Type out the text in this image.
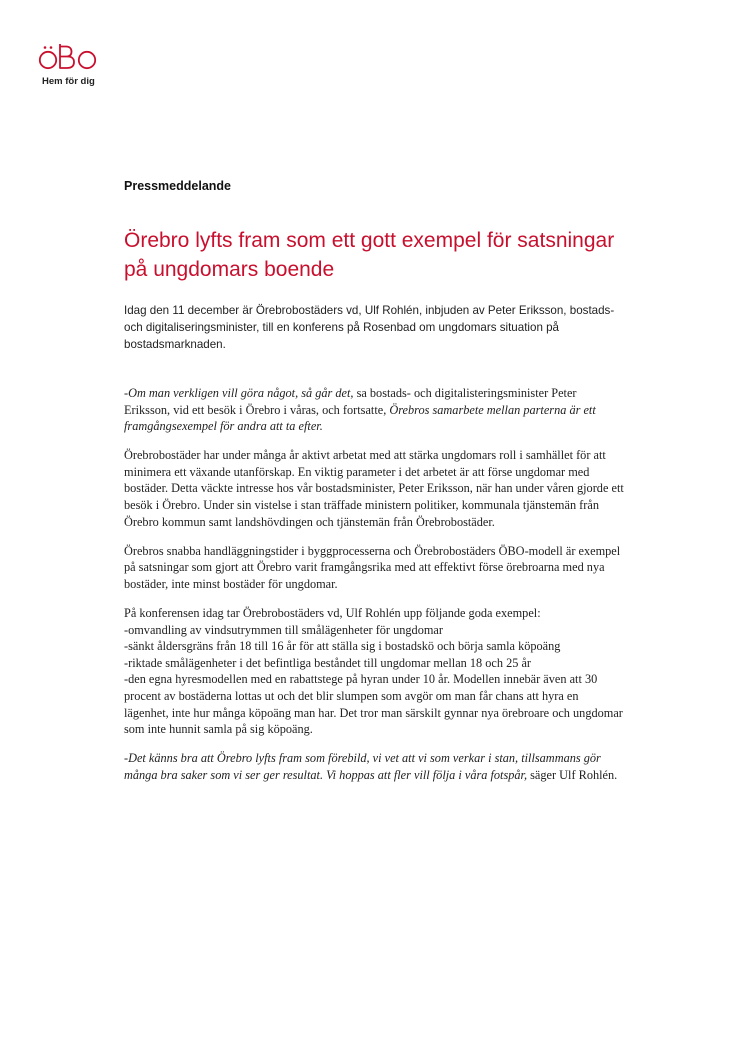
Hem för dig
Pressmeddelande
Örebro lyfts fram som ett gott exempel för satsningar på ungdomars boende

Idag den 11 december är Örebrobostäders vd, Ulf Rohlén, inbjuden av Peter Eriksson, bostads- och digitaliseringsminister, till en konferens på Rosenbad om ungdomars situation på bostadsmarknaden.

-Om man verkligen vill göra något, så går det, sa bostads- och digitalisteringsminister Peter Eriksson, vid ett besök i Örebro i våras, och fortsatte, Örebros samarbete mellan parterna är ett framgångsexempel för andra att ta efter.

Örebrobostäder har under många år aktivt arbetat med att stärka ungdomars roll i samhället för att minimera ett växande utanförskap. En viktig parameter i det arbetet är att förse ungdomar med bostäder. Detta väckte intresse hos vår bostadsminister, Peter Eriksson, när han under våren gjorde ett besök i Örebro. Under sin vistelse i stan träffade ministern politiker, kommunala tjänstemän från Örebro kommun samt landshövdingen och tjänstemän från Örebrobostäder.

Örebros snabba handläggningstider i byggprocesserna och Örebrobostäders ÖBO-modell är exempel på satsningar som gjort att Örebro varit framgångsrika med att effektivt förse örebroarna med nya bostäder, inte minst bostäder för ungdomar.

På konferensen idag tar Örebrobostäders vd, Ulf Rohlén upp följande goda exempel:
-omvandling av vindsutrymmen till smålägenheter för ungdomar
-sänkt åldersgräns från 18 till 16 år för att ställa sig i bostadskö och börja samla köpoäng
-riktade smålägenheter i det befintliga beståndet till ungdomar mellan 18 och 25 år
-den egna hyresmodellen med en rabattstege på hyran under 10 år. Modellen innebär även att 30 procent av bostäderna lottas ut och det blir slumpen som avgör om man får chans att hyra en lägenhet, inte hur många köpoäng man har. Det tror man särskilt gynnar nya örebroare och ungdomar som inte hunnit samla på sig köpoäng.

-Det känns bra att Örebro lyfts fram som förebild, vi vet att vi som verkar i stan, tillsammans gör många bra saker som vi ser ger resultat. Vi hoppas att fler vill följa i våra fotspår, säger Ulf Rohlén.
